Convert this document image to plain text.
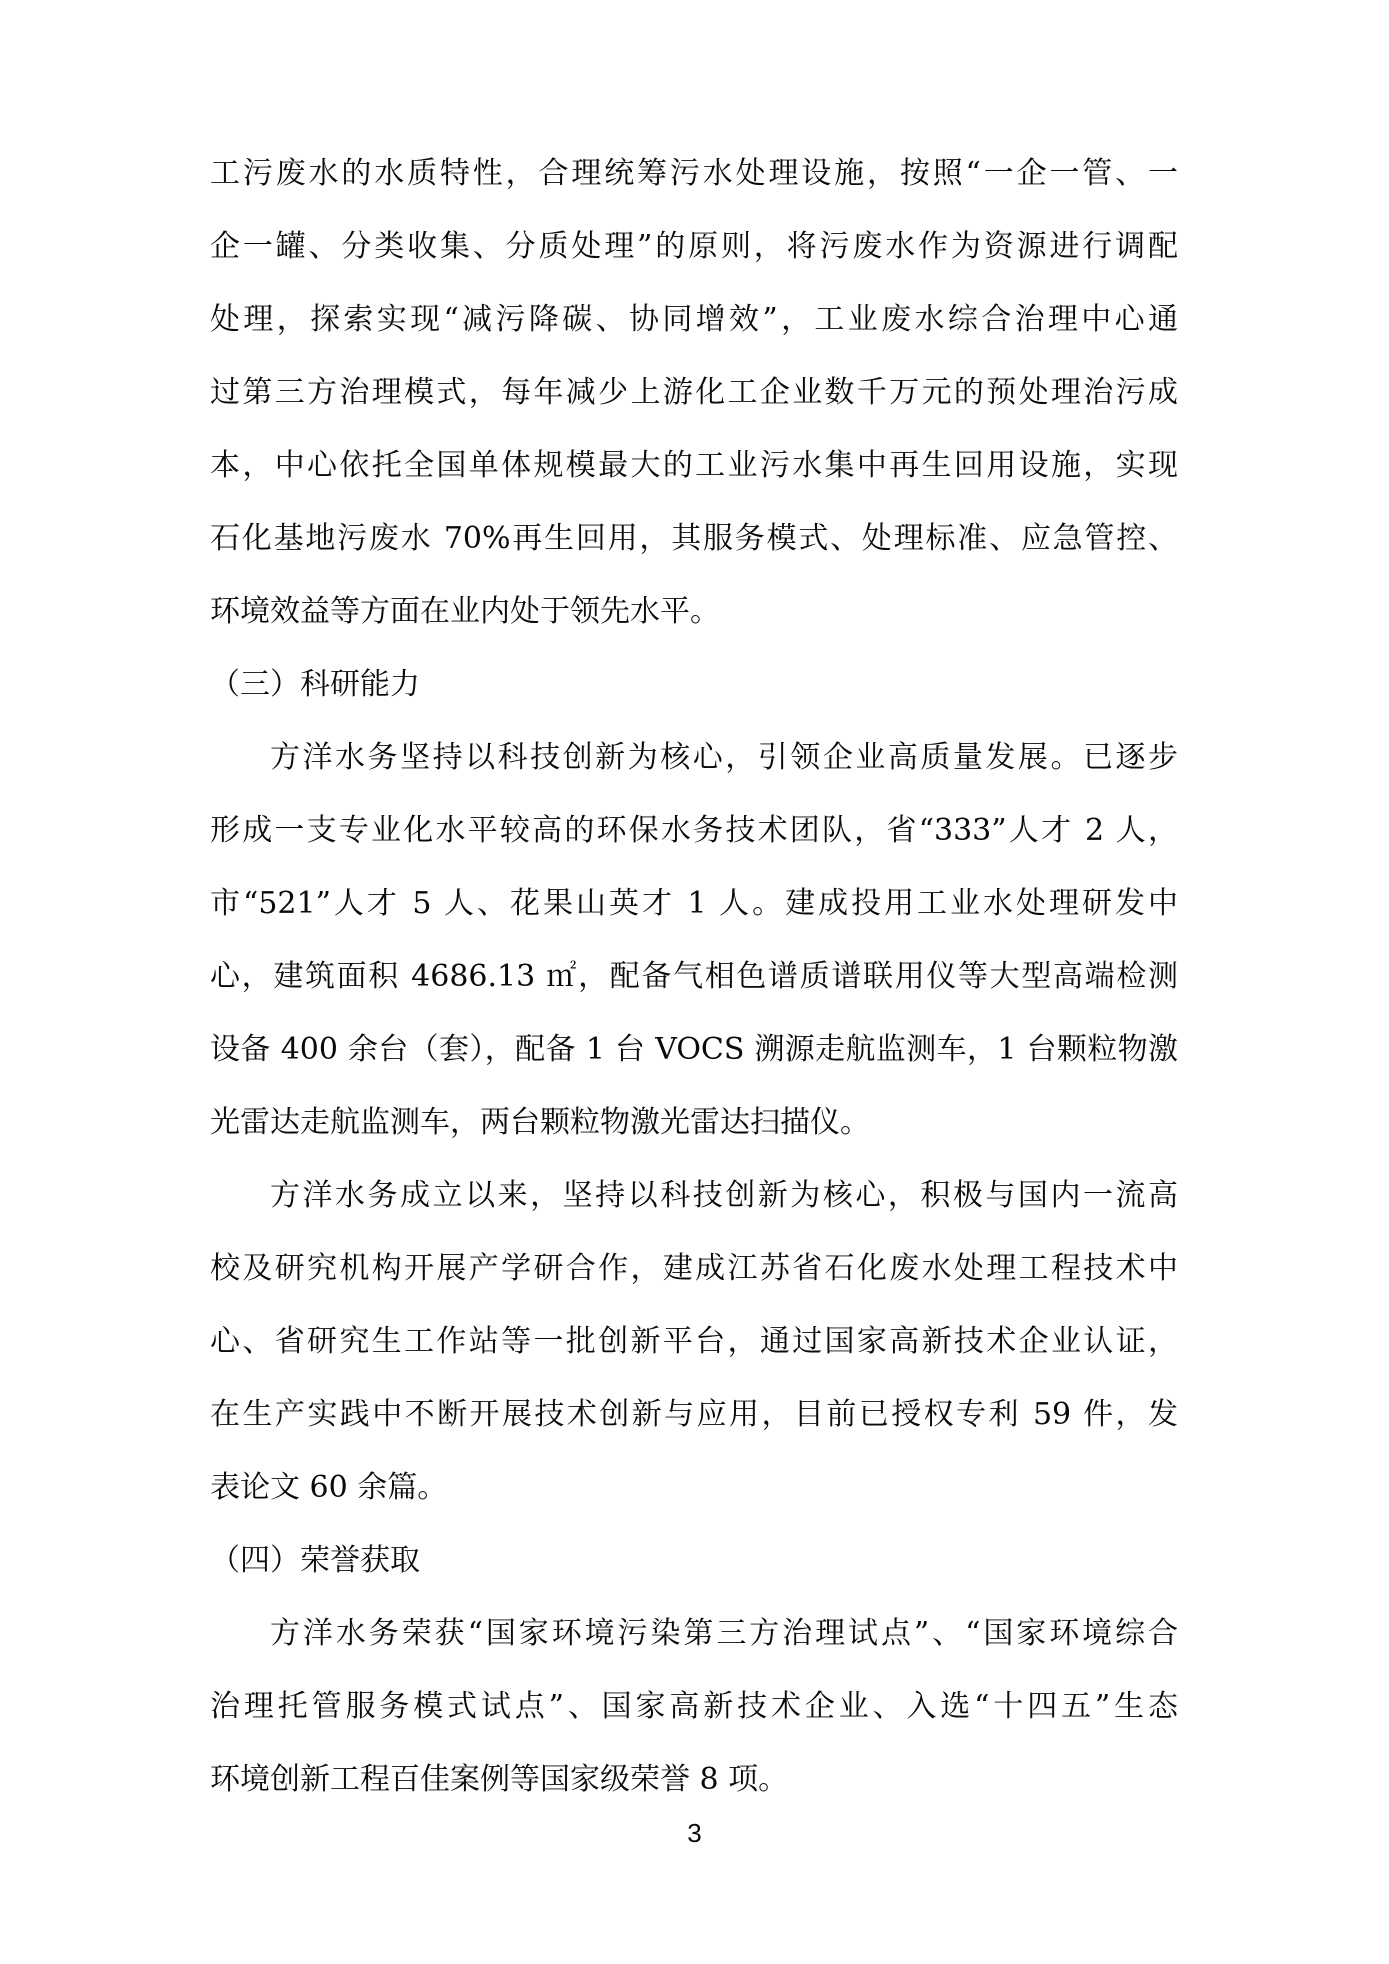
工污废水的水质特性，合理统筹污水处理设施，按照“一企一管、一
企一罐、分类收集、分质处理”的原则，将污废水作为资源进行调配
处理，探索实现“减污降碳、协同增效”，工业废水综合治理中心通
过第三方治理模式，每年减少上游化工企业数千万元的预处理治污成
本，中心依托全国单体规模最大的工业污水集中再生回用设施，实现
石化基地污废水 70%再生回用，其服务模式、处理标准、应急管控、
环境效益等方面在业内处于领先水平。
（三）科研能力
方洋水务坚持以科技创新为核心，引领企业高质量发展。已逐步
形成一支专业化水平较高的环保水务技术团队，省“333”人才 2 人，
市“521”人才 5 人、花果山英才 1 人。建成投用工业水处理研发中
心，建筑面积 4686.13 ㎡，配备气相色谱质谱联用仪等大型高端检测
设备 400 余台（套），配备 1 台 VOCS 溯源走航监测车，1 台颗粒物激
光雷达走航监测车，两台颗粒物激光雷达扫描仪。
方洋水务成立以来，坚持以科技创新为核心，积极与国内一流高
校及研究机构开展产学研合作，建成江苏省石化废水处理工程技术中
心、省研究生工作站等一批创新平台，通过国家高新技术企业认证，
在生产实践中不断开展技术创新与应用，目前已授权专利 59 件，发
表论文 60 余篇。
（四）荣誉获取
方洋水务荣获“国家环境污染第三方治理试点”、“国家环境综合
治理托管服务模式试点”、国家高新技术企业、入选“十四五”生态
环境创新工程百佳案例等国家级荣誉 8 项。
3
